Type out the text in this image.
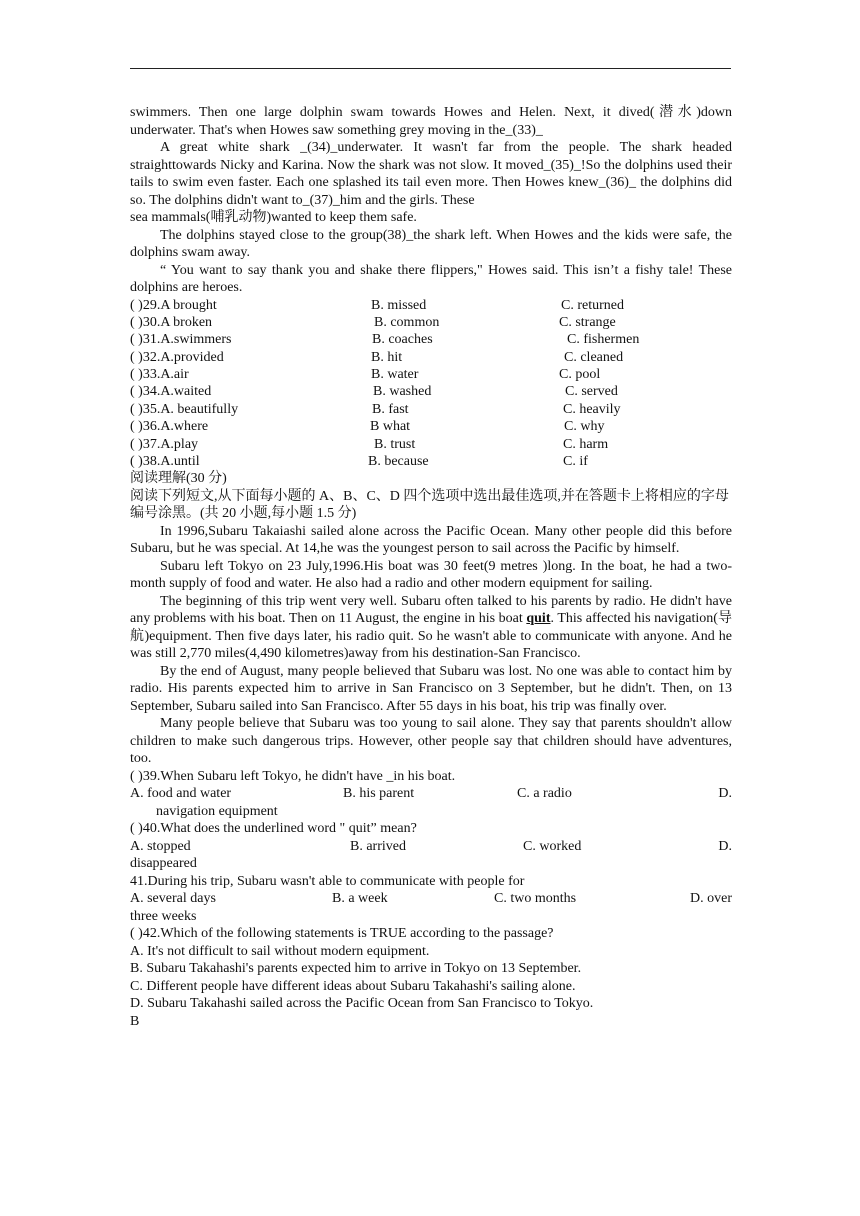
swimmers. Then one large dolphin swam towards Howes and Helen. Next, it dived(潜水)down underwater. That's when Howes saw something grey moving in the_(33)_

A great white shark _(34)_underwater. It wasn't far from the people. The shark headed straighttowards Nicky and Karina. Now the shark was not slow. It moved_(35)_!So the dolphins used their tails to swim even faster. Each one splashed its tail even more. Then Howes knew_(36)_ the dolphins did so. The dolphins didn't want to_(37)_him and the girls. These

sea mammals(哺乳动物)wanted to keep them safe.

The dolphins stayed close to the group(38)_the shark left. When Howes and the kids were safe, the dolphins swam away.

“ You want to say thank you and shake there flippers," Howes said. This isn’t a fishy tale! These dolphins are heroes.

( )29.A brought	B. missed	C. returned
( )30.A broken	B. common	C. strange
( )31.A.swimmers	B. coaches	C. fishermen
( )32.A.provided	B. hit	C. cleaned
( )33.A.air	B. water	C. pool
( )34.A.waited	B. washed	C. served
( )35.A. beautifully	B. fast	C. heavily
( )36.A.where	B what	C. why
( )37.A.play	B. trust	C. harm
( )38.A.until	B. because	C. if

阅读理解(30 分)

阅读下列短文,从下面每小题的 A、B、C、D 四个选项中选出最佳选项,并在答题卡上将相应的字母编号涂黑。(共 20 小题,每小题 1.5 分)

In 1996,Subaru Takaiashi sailed alone across the Pacific Ocean. Many other people did this before Subaru, but he was special. At 14,he was the youngest person to sail across the Pacific by himself.

Subaru left Tokyo on 23 July,1996.His boat was 30 feet(9 metres )long. In the boat, he had a two-month supply of food and water. He also had a radio and other modern equipment for sailing.

The beginning of this trip went very well. Subaru often talked to his parents by radio. He didn't have any problems with his boat. Then on 11 August, the engine in his boat quit. This affected his navigation(导航)equipment. Then five days later, his radio quit. So he wasn't able to communicate with anyone. And he was still 2,770 miles(4,490 kilometres)away from his destination-San Francisco.

By the end of August, many people believed that Subaru was lost. No one was able to contact him by radio. His parents expected him to arrive in San Francisco on 3 September, but he didn't. Then, on 13 September, Subaru sailed into San Francisco. After 55 days in his boat, his trip was finally over.

Many people believe that Subaru was too young to sail alone. They say that parents shouldn't allow children to make such dangerous trips. However, other people say that children should have adventures, too.

( )39.When Subaru left Tokyo, he didn't have _in his boat.

A. food and water	B. his parent	C. a radio	D.

navigation equipment

( )40.What does the underlined word " quit” mean?

A. stopped	B. arrived	C. worked	D.

disappeared

41.During his trip, Subaru wasn't able to communicate with people for

A. several days	B. a week	C. two months	D. over

three weeks

( )42.Which of the following statements is TRUE according to the passage?

A. It's not difficult to sail without modern equipment.

B. Subaru Takahashi's parents expected him to arrive in Tokyo on 13 September.

C. Different people have different ideas about Subaru Takahashi's sailing alone.

D. Subaru Takahashi sailed across the Pacific Ocean from San Francisco to Tokyo.

B
